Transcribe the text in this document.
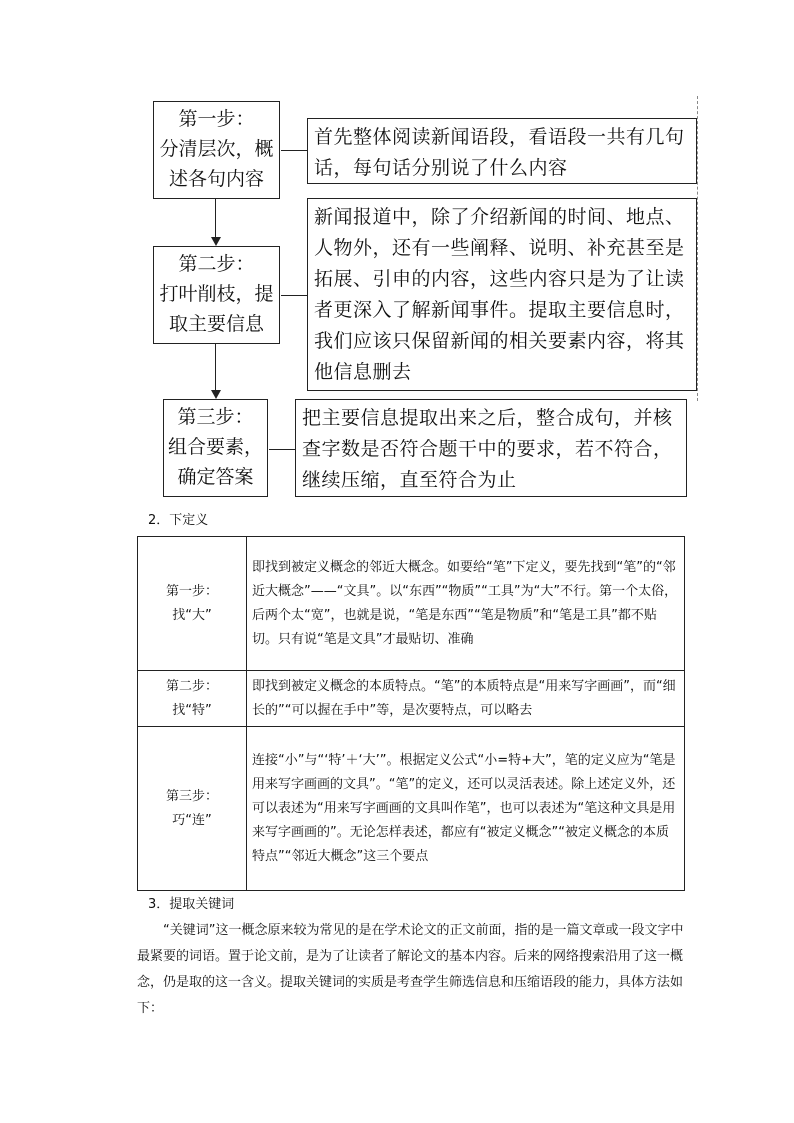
第一步：
分清层次，概
述各句内容
首先整体阅读新闻语段，看语段一共有几句话，每句话分别说了什么内容
第二步：
打叶削枝，提
取主要信息
新闻报道中，除了介绍新闻的时间、地点、人物外，还有一些阐释、说明、补充甚至是拓展、引申的内容，这些内容只是为了让读者更深入了解新闻事件。提取主要信息时，我们应该只保留新闻的相关要素内容，将其他信息删去
第三步：
组合要素，
确定答案
把主要信息提取出来之后，整合成句，并核查字数是否符合题干中的要求，若不符合，继续压缩，直至符合为止
2．下定义
第一步：
找“大”	即找到被定义概念的邻近大概念。如要给“笔”下定义，要先找到“笔”的“邻近大概念”——“文具”。以“东西”“物质”“工具”为“大”不行。第一个太俗，后两个太“宽”，也就是说，“笔是东西”“笔是物质”和“笔是工具”都不贴切。只有说“笔是文具”才最贴切、准确

第二步：
找“特”	即找到被定义概念的本质特点。“笔”的本质特点是“用来写字画画”，而“细长的”“可以握在手中”等，是次要特点，可以略去

第三步：
巧“连”	连接“小”与“‘特’＋‘大’”。根据定义公式“小=特+大”，笔的定义应为“笔是用来写字画画的文具”。“笔”的定义，还可以灵活表述。除上述定义外，还可以表述为“用来写字画画的文具叫作笔”，也可以表述为“笔这种文具是用来写字画画的”。无论怎样表述，都应有“被定义概念”“被定义概念的本质特点”“邻近大概念”这三个要点
3．提取关键词

“关键词”这一概念原来较为常见的是在学术论文的正文前面，指的是一篇文章或一段文字中最紧要的词语。置于论文前，是为了让读者了解论文的基本内容。后来的网络搜索沿用了这一概念，仍是取的这一含义。提取关键词的实质是考查学生筛选信息和压缩语段的能力，具体方法如下：
